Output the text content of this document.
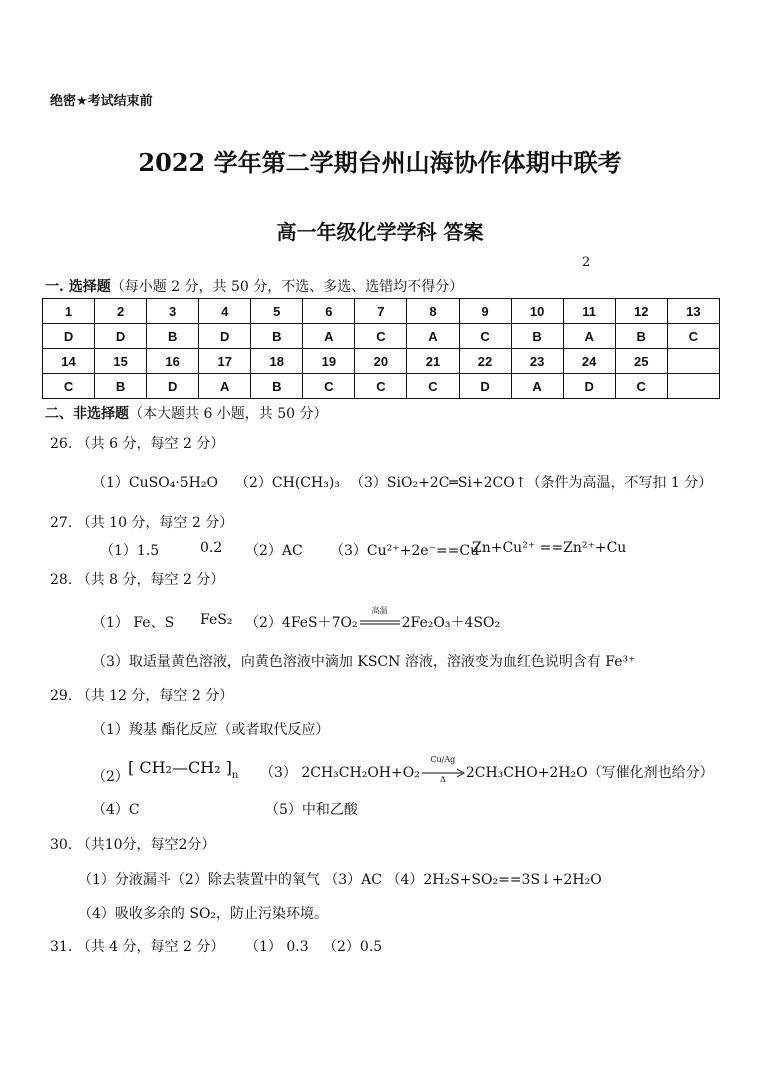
绝密★考试结束前
2022 学年第二学期台州山海协作体期中联考
高一年级化学学科 答案
2
一. 选择题（每小题 2 分，共 50 分，不选、多选、选错均不得分）
1	2	3	4	5	6	7	8	9	10	11	12	13
D	D	B	D	B	A	C	A	C	B	A	B	C
14	15	16	17	18	19	20	21	22	23	24	25	
C	B	D	A	B	C	C	C	D	A	D	C	
二、非选择题（本大题共 6 小题，共 50 分）
26. （共 6 分，每空 2 分）
（1）CuSO₄·5H₂O （2）CH(CH₃)₃ （3）SiO₂+2C═Si+2CO↑（条件为高温，不写扣 1 分）
27. （共 10 分，每空 2 分）
（1）1.5	0.2 （2）AC （3）Cu²⁺+2e⁻==Cu
Zn+Cu²⁺ ==Zn²⁺+Cu
28. （共 8 分，每空 2 分）
（1） Fe、S FeS₂ （2）4FeS＋7O₂
高温
2Fe₂O₃＋4SO₂
（3）取适量黄色溶液，向黄色溶液中滴加 KSCN 溶液，溶液变为血红色说明含有 Fe³⁺
29. （共 12 分，每空 2 分）
（1）羧基 酯化反应（或者取代反应）
（2） [ CH₂—CH₂ ]$_n$ （3） 2CH₃CH₂OH+O₂
Cu/Ag
Δ	2CH₃CHO+2H₂O（写催化剂也给分）
（4）C	（5）中和乙酸
30. （共10分，每空2分）
（1）分液漏斗（2）除去装置中的氧气 （3）AC （4）2H₂S+SO₂==3S↓+2H₂O
（4）吸收多余的 SO₂，防止污染环境。
31. （共 4 分，每空 2 分） （1） 0.3 （2）0.5
